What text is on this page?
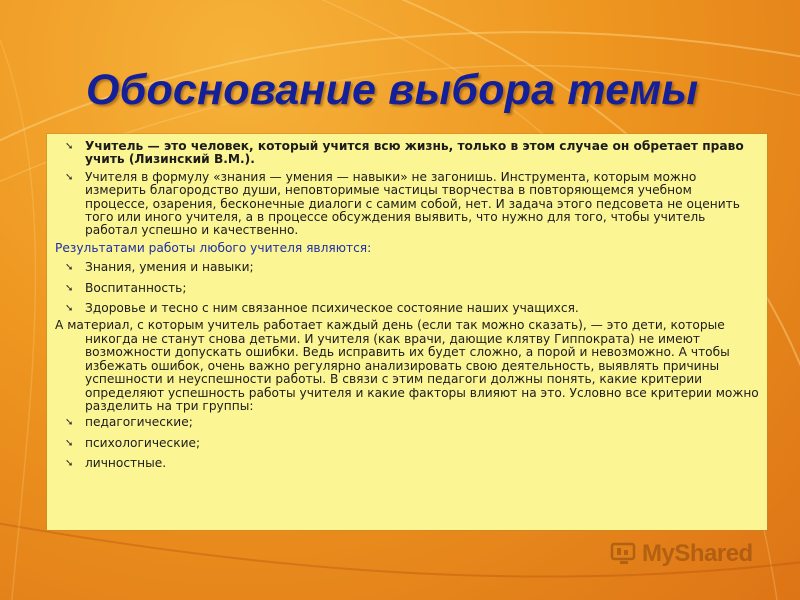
Обоснование выбора темы
➘ Учитель — это человек, который учится всю жизнь, только в этом случае он обретает право учить (Лизинский В.М.).
➘ Учителя в формулу «знания — умения — навыки» не загонишь. Инструмента, которым можно измерить благородство души, неповторимые частицы творчества в повторяющемся учебном процессе, озарения, бесконечные диалоги с самим собой, нет. И задача этого педсовета не оценить того или иного учителя, а в процессе обсуждения выявить, что нужно для того, чтобы учитель работал успешно и качественно.
Результатами работы любого учителя являются:
➘ Знания, умения и навыки;
➘ Воспитанность;
➘ Здоровье и тесно с ним связанное психическое состояние наших учащихся.
А материал, с которым учитель работает каждый день (если так можно сказать), — это дети, которые никогда не станут снова детьми. И учителя (как врачи, дающие клятву Гиппократа) не имеют возможности допускать ошибки. Ведь исправить их будет сложно, а порой и невозможно. А чтобы избежать ошибок, очень важно регулярно анализировать свою деятельность, выявлять причины успешности и неуспешности работы. В связи с этим педагоги должны понять, какие критерии определяют успешность работы учителя и какие факторы влияют на это. Условно все критерии можно разделить на три группы:
➘ педагогические;
➘ психологические;
➘ личностные.
MyShared
